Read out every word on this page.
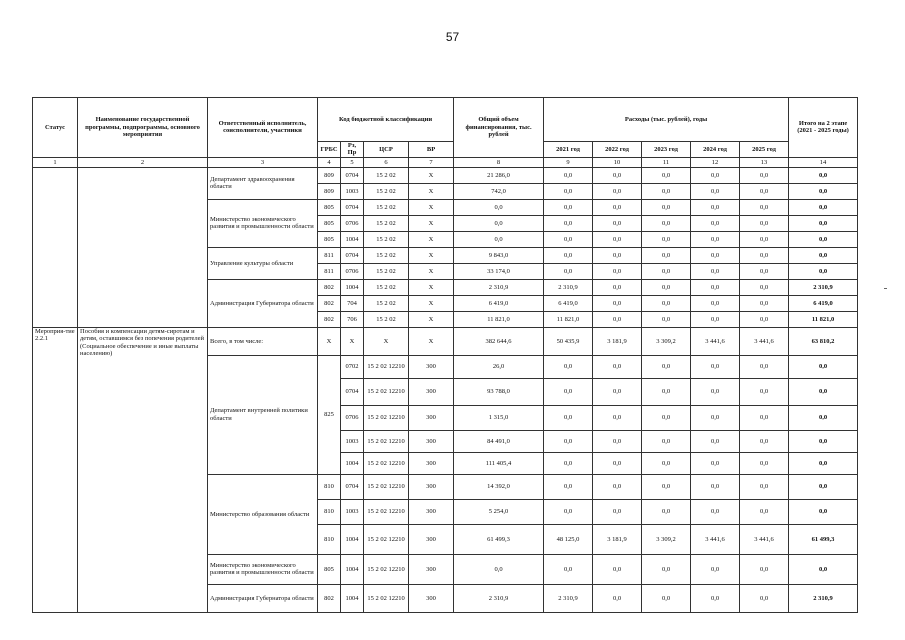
57
Статус	Наименование государственной программы, подпрограммы, основного мероприятия	Ответственный исполнитель, соисполнители, участники	Код бюджетной классификации				Общий объем финансирования, тыс. рублей	Расходы (тыс. рублей), годы					Итого на 2 этапе (2021 - 2025 годы)
			ГРБС	Рз, Пр	ЦСР	ВР		2021 год	2022 год	2023 год	2024 год	2025 год	
1	2	3	4	5	6	7	8	9	10	11	12	13	14
		Департамент здравоохранения области	809	0704	15 2 02	Х	21 286,0	0,0	0,0	0,0	0,0	0,0	0,0
			809	1003	15 2 02	Х	742,0	0,0	0,0	0,0	0,0	0,0	0,0
		Министерство экономического развития и промышленности области	805	0704	15 2 02	Х	0,0	0,0	0,0	0,0	0,0	0,0	0,0
			805	0706	15 2 02	Х	0,0	0,0	0,0	0,0	0,0	0,0	0,0
			805	1004	15 2 02	Х	0,0	0,0	0,0	0,0	0,0	0,0	0,0
		Управление культуры области	811	0704	15 2 02	Х	9 843,0	0,0	0,0	0,0	0,0	0,0	0,0
			811	0706	15 2 02	Х	33 174,0	0,0	0,0	0,0	0,0	0,0	0,0
		Администрация Губернатора области	802	1004	15 2 02	Х	2 310,9	2 310,9	0,0	0,0	0,0	0,0	2 310,9
			802	704	15 2 02	Х	6 419,0	6 419,0	0,0	0,0	0,0	0,0	6 419,0
			802	706	15 2 02	Х	11 821,0	11 821,0	0,0	0,0	0,0	0,0	11 821,0
Мероприя-тие 2.2.1	Пособия и компенсации детям-сиротам и детям, оставшимся без попечения родителей (Социальное обеспечение и иные выплаты населению)	Всего, в том числе:	Х	Х	Х	Х	382 644,6	50 435,9	3 181,9	3 309,2	3 441,6	3 441,6	63 810,2
		Департамент внутренней политики области	825	0702	15 2 02 12210	300	26,0	0,0	0,0	0,0	0,0	0,0	0,0
				0704	15 2 02 12210	300	93 788,0	0,0	0,0	0,0	0,0	0,0	0,0
				0706	15 2 02 12210	300	1 315,0	0,0	0,0	0,0	0,0	0,0	0,0
				1003	15 2 02 12210	300	84 491,0	0,0	0,0	0,0	0,0	0,0	0,0
				1004	15 2 02 12210	300	111 405,4	0,0	0,0	0,0	0,0	0,0	0,0
		Министерство образования области	810	0704	15 2 02 12210	300	14 392,0	0,0	0,0	0,0	0,0	0,0	0,0
			810	1003	15 2 02 12210	300	5 254,0	0,0	0,0	0,0	0,0	0,0	0,0
			810	1004	15 2 02 12210	300	61 499,3	48 125,0	3 181,9	3 309,2	3 441,6	3 441,6	61 499,3
		Министерство экономического развития и промышленности области	805	1004	15 2 02 12210	300	0,0	0,0	0,0	0,0	0,0	0,0	0,0
		Администрация Губернатора области	802	1004	15 2 02 12210	300	2 310,9	2 310,9	0,0	0,0	0,0	0,0	2 310,9
